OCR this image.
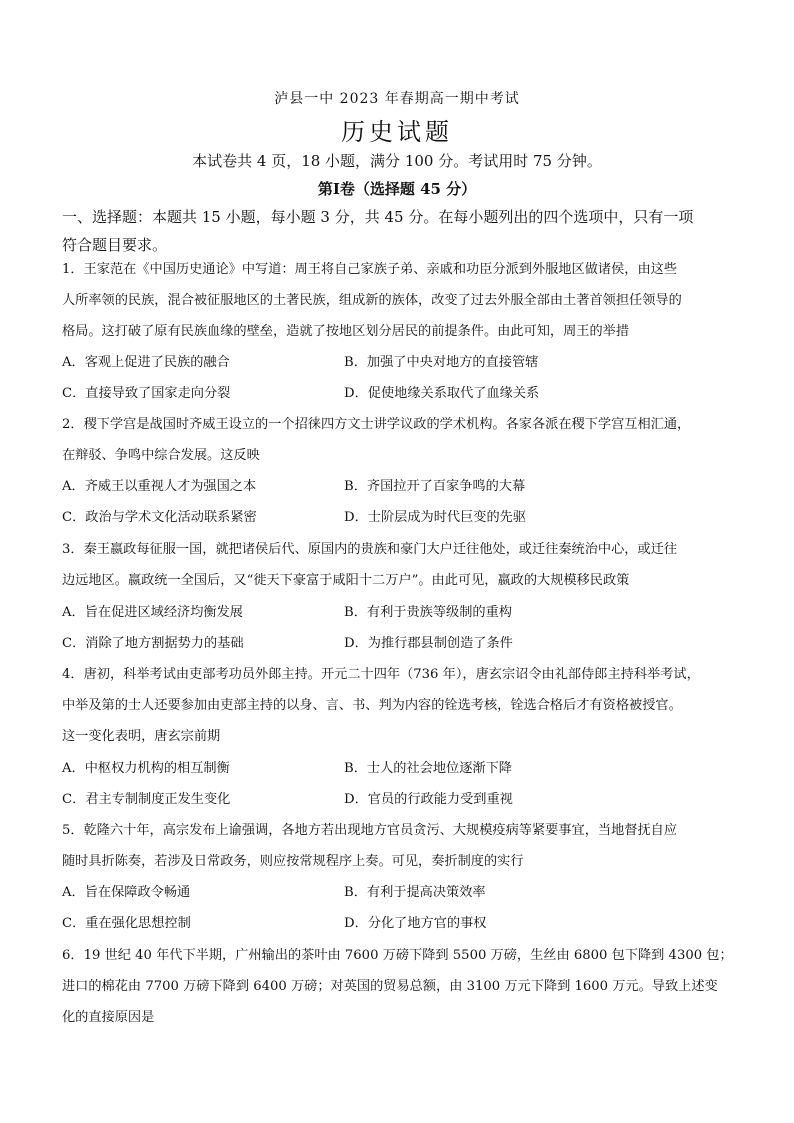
泸县一中 2023 年春期高一期中考试
历史试题
本试卷共 4 页，18 小题，满分 100 分。考试用时 75 分钟。
第Ⅰ卷（选择题 45 分）
一、选择题：本题共 15 小题，每小题 3 分，共 45 分。在每小题列出的四个选项中，只有一项
符合题目要求。

1．王家范在《中国历史通论》中写道：周王将自己家族子弟、亲戚和功臣分派到外服地区做诸侯，由这些

人所率领的民族，混合被征服地区的土著民族，组成新的族体，改变了过去外服全部由土著首领担任领导的

格局。这打破了原有民族血缘的壁垒，造就了按地区划分居民的前提条件。由此可知，周王的举措

A．客观上促进了民族的融合	B．加强了中央对地方的直接管辖
C．直接导致了国家走向分裂	D．促使地缘关系取代了血缘关系

2．稷下学宫是战国时齐威王设立的一个招徕四方文士讲学议政的学术机构。各家各派在稷下学宫互相汇通，

在辩驳、争鸣中综合发展。这反映

A．齐威王以重视人才为强国之本	B．齐国拉开了百家争鸣的大幕
C．政治与学术文化活动联系紧密	D．士阶层成为时代巨变的先驱

3．秦王嬴政每征服一国，就把诸侯后代、原国内的贵族和豪门大户迁往他处，或迁往秦统治中心，或迁往

边远地区。嬴政统一全国后，又“徙天下豪富于咸阳十二万户”。由此可见，嬴政的大规模移民政策

A．旨在促进区域经济均衡发展	B．有利于贵族等级制的重构
C．消除了地方割据势力的基础	D．为推行郡县制创造了条件

4．唐初，科举考试由吏部考功员外郎主持。开元二十四年（736 年），唐玄宗诏令由礼部侍郎主持科举考试，

中举及第的士人还要参加由吏部主持的以身、言、书、判为内容的铨选考核，铨选合格后才有资格被授官。

这一变化表明，唐玄宗前期

A．中枢权力机构的相互制衡	B．士人的社会地位逐渐下降
C．君主专制制度正发生变化	D．官员的行政能力受到重视

5．乾隆六十年，高宗发布上谕强调，各地方若出现地方官员贪污、大规模疫病等紧要事宜，当地督抚自应

随时具折陈奏，若涉及日常政务，则应按常规程序上奏。可见，奏折制度的实行

A．旨在保障政令畅通	B．有利于提高决策效率
C．重在强化思想控制	D．分化了地方官的事权

6．19 世纪 40 年代下半期，广州输出的茶叶由 7600 万磅下降到 5500 万磅，生丝由 6800 包下降到 4300 包；

进口的棉花由 7700 万磅下降到 6400 万磅；对英国的贸易总额，由 3100 万元下降到 1600 万元。导致上述变

化的直接原因是
